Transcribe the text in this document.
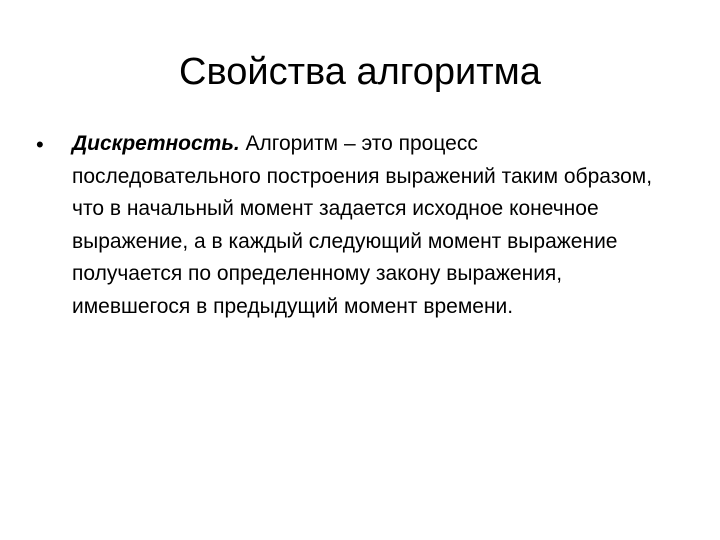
Свойства алгоритма
• Дискретность. Алгоритм – это процесс последовательного построения выражений таким образом, что в начальный момент задается исходное конечное выражение, а в каждый следующий момент выражение получается по определенному закону выражения, имевшегося в предыдущий момент времени.
